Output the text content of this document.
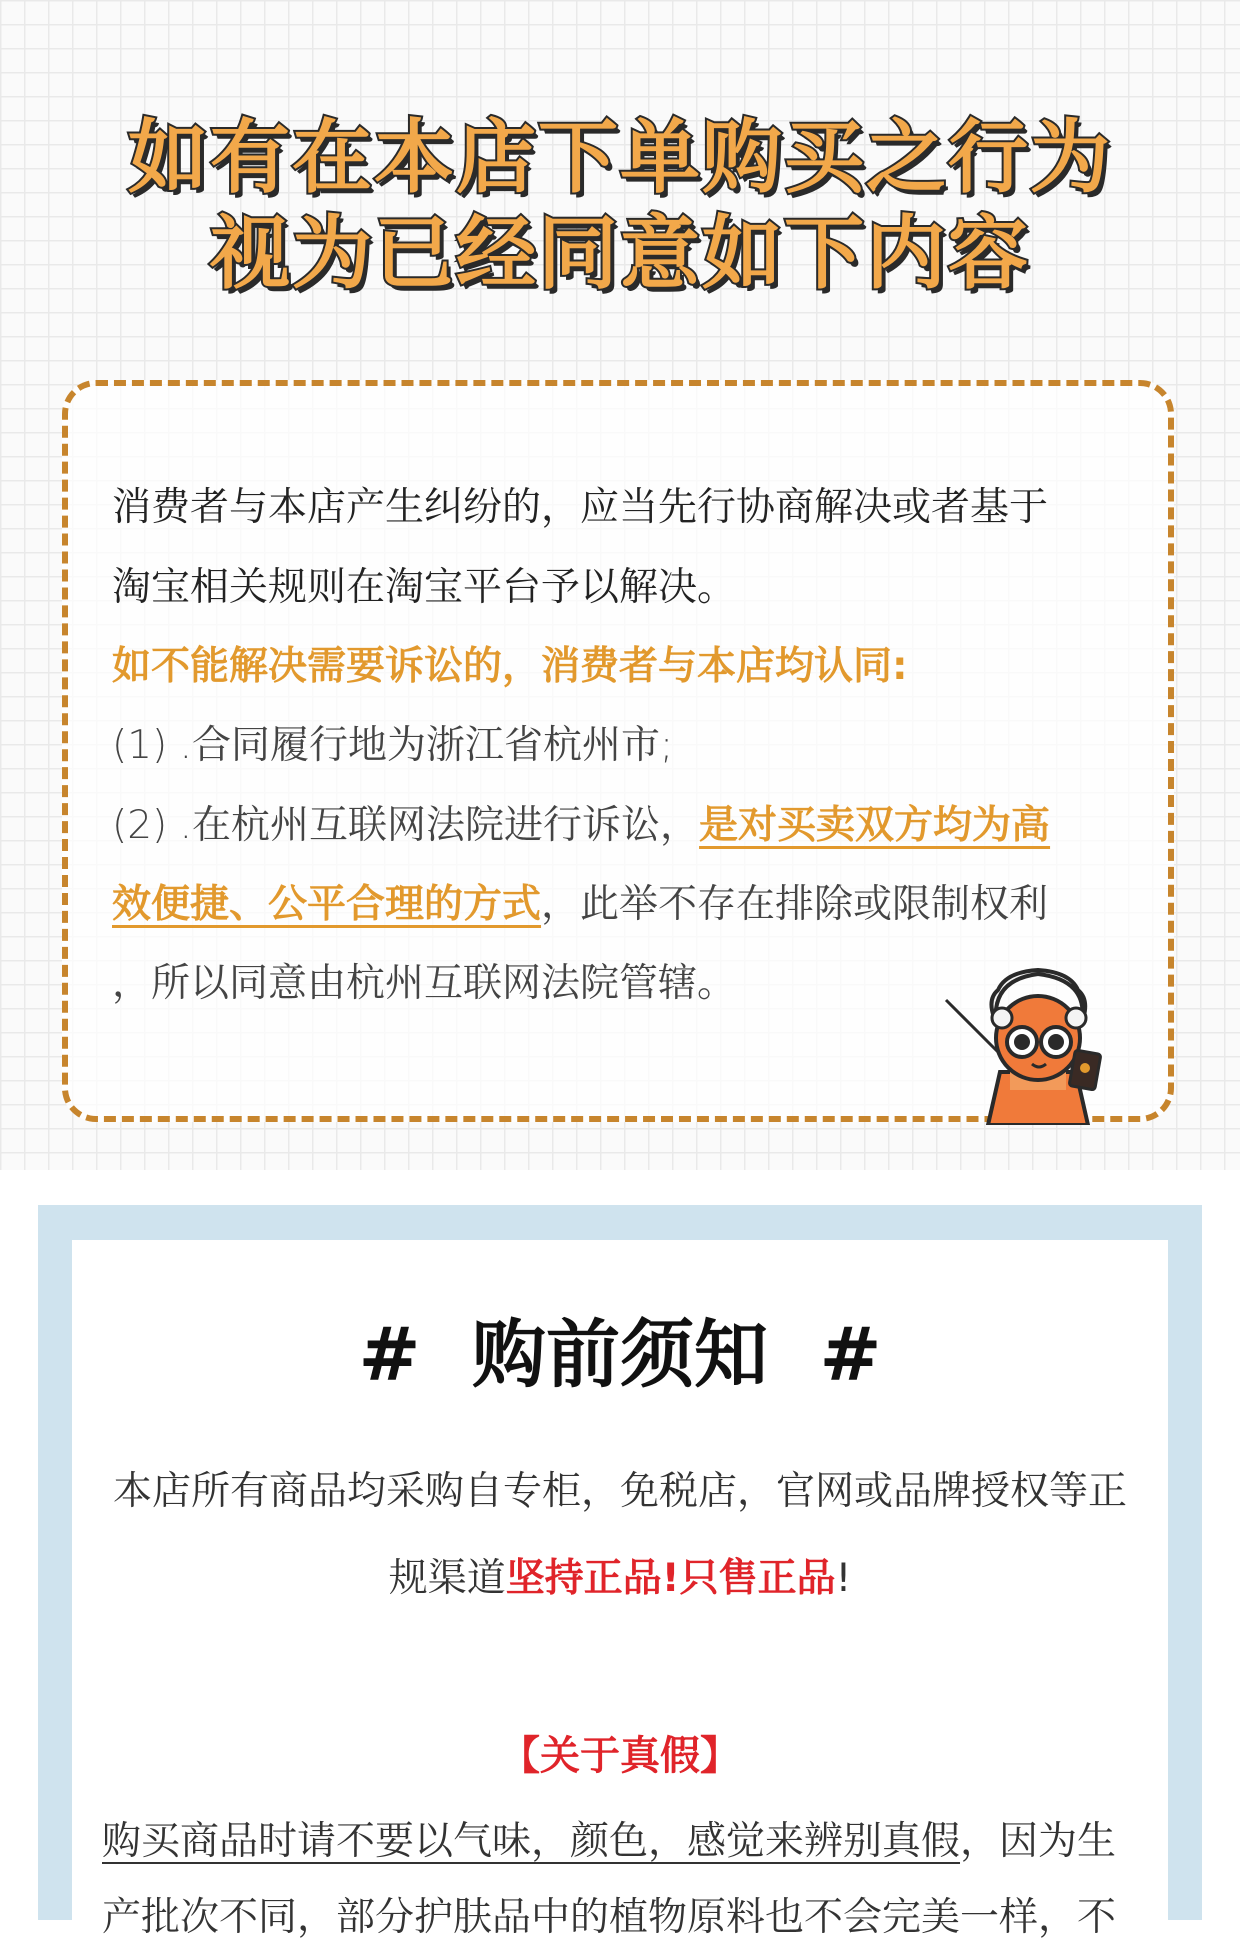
如有在本店下单购买之行为
视为已经同意如下内容
消费者与本店产生纠纷的，应当先行协商解决或者基于
淘宝相关规则在淘宝平台予以解决。
如不能解决需要诉讼的，消费者与本店均认同:
(1) .合同履行地为浙江省杭州市;
(2) .在杭州互联网法院进行诉讼，是对买卖双方均为高
效便捷、公平合理的方式，此举不存在排除或限制权利
，所以同意由杭州互联网法院管辖。
#  购前须知  #
本店所有商品均采购自专柜，免税店，官网或品牌授权等正
规渠道坚持正品!只售正品!
【关于真假】
购买商品时请不要以气味，颜色，感觉来辨别真假，因为生
产批次不同，部分护肤品中的植物原料也不会完美一样，不
